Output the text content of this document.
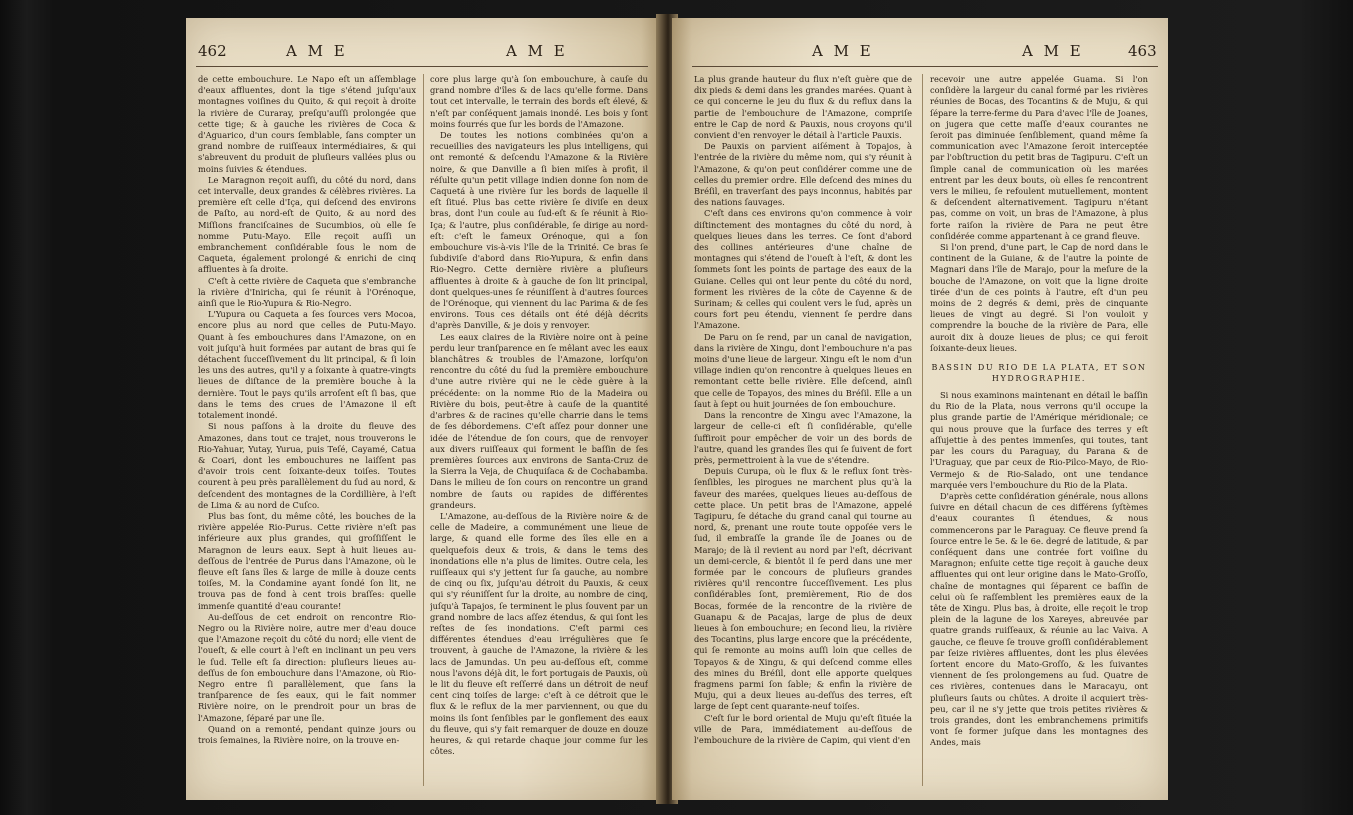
462	A M E	A M E

de cette embouchure. Le Napo eſt un aſſemblage d'eaux affluentes, dont la tige s'étend juſqu'aux montagnes voiſines du Quito, & qui reçoit à droite la rivière de Curaray, preſqu'auſſi prolongée que cette tige; & à gauche les rivières de Coca & d'Aguarico, d'un cours ſemblable, ſans compter un grand nombre de ruiſſeaux intermédiaires, & qui s'abreuvent du produit de pluſieurs vallées plus ou moins ſuivies & étendues.

Le Maragnon reçoit auſſi, du côté du nord, dans cet intervalle, deux grandes & célèbres rivières. La première eſt celle d'Iça, qui deſcend des environs de Paſto, au nord-eſt de Quito, & au nord des Miſſions franciſcaines de Sucumbios, où elle ſe nomme Putu-Mayo. Elle reçoit auſſi un embranchement conſidérable ſous le nom de Caqueta, également prolongé & enrichi de cinq affluentes à ſa droite.

C'eſt à cette rivière de Caqueta que s'embranche la rivière d'Iniricha, qui ſe réunit à l'Orénoque, ainſi que le Rio-Yupura & Rio-Negro.

L'Yupura ou Caqueta a ſes ſources vers Mocoa, encore plus au nord que celles de Putu-Mayo. Quant à ſes embouchures dans l'Amazone, on en voit juſqu'à huit formées par autant de bras qui ſe détachent ſucceſſivement du lit principal, & ſi loin les uns des autres, qu'il y a ſoixante à quatre-vingts lieues de diſtance de la première bouche à la dernière. Tout le pays qu'ils arroſent eſt ſi bas, que dans le tems des crues de l'Amazone il eſt totalement inondé.

Si nous paſſons à la droite du fleuve des Amazones, dans tout ce trajet, nous trouverons le Rio-Yahuar, Yutay, Yurua, puis Teſé, Cayamé, Catua & Coari, dont les embouchures ne laiſſent pas d'avoir trois cent ſoixante-deux toiſes. Toutes courent à peu près parallèlement du ſud au nord, & deſcendent des montagnes de la Cordillière, à l'eſt de Lima & au nord de Cuſco.

Plus bas ſont, du même côté, les bouches de la rivière appelée Rio-Purus. Cette rivière n'eſt pas inférieure aux plus grandes, qui groſſiſſent le Maragnon de leurs eaux. Sept à huit lieues au-deſſous de l'entrée de Purus dans l'Amazone, où le fleuve eſt ſans îles & large de mille à douze cents toiſes, M. la Condamine ayant ſondé ſon lit, ne trouva pas de fond à cent trois braſſes: quelle immenſe quantité d'eau courante!

Au-deſſous de cet endroit on rencontre Rio-Negro ou la Rivière noire, autre mer d'eau douce que l'Amazone reçoit du côté du nord; elle vient de l'oueſt, & elle court à l'eſt en inclinant un peu vers le ſud. Telle eſt ſa direction: pluſieurs lieues au-deſſus de ſon embouchure dans l'Amazone, où Rio-Negro entre ſi parallèlement, que ſans la tranſparence de ſes eaux, qui le fait nommer Rivière noire, on le prendroit pour un bras de l'Amazone, ſéparé par une île.

Quand on a remonté, pendant quinze jours ou trois ſemaines, la Rivière noire, on la trouve en-

core plus large qu'à ſon embouchure, à cauſe du grand nombre d'îles & de lacs qu'elle forme. Dans tout cet intervalle, le terrain des bords eſt élevé, & n'eſt par conſéquent jamais inondé. Les bois y ſont moins fourrés que ſur les bords de l'Amazone.

De toutes les notions combinées qu'on a recueillies des navigateurs les plus intelligens, qui ont remonté & deſcendu l'Amazone & la Rivière noire, & que Danville a ſi bien miſes à profit, il réſulte qu'un petit village indien donne ſon nom de Caquetá à une rivière ſur les bords de laquelle il eſt ſitué. Plus bas cette rivière ſe diviſe en deux bras, dont l'un coule au ſud-eſt & ſe réunit à Rio-Iça; & l'autre, plus conſidérable, ſe dirige au nord-eſt: c'eſt le fameux Orénoque, qui a ſon embouchure vis-à-vis l'île de la Trinité. Ce bras ſe ſubdiviſe d'abord dans Rio-Yupura, & enfin dans Rio-Negro. Cette dernière rivière a pluſieurs affluentes à droite & à gauche de ſon lit principal, dont quelques-unes ſe réuniſſent à d'autres ſources de l'Orénoque, qui viennent du lac Parima & de ſes environs. Tous ces détails ont été déjà décrits d'après Danville, & je dois y renvoyer.

Les eaux claires de la Rivière noire ont à peine perdu leur tranſparence en ſe mêlant avec les eaux blanchâtres & troubles de l'Amazone, lorſqu'on rencontre du côté du ſud la première embouchure d'une autre rivière qui ne le cède guère à la précédente: on la nomme Rio de la Madeira ou Rivière du bois, peut-être à cauſe de la quantité d'arbres & de racines qu'elle charrie dans le tems de ſes débordemens. C'eſt aſſez pour donner une idée de l'étendue de ſon cours, que de renvoyer aux divers ruiſſeaux qui forment le baſſin de ſes premières ſources aux environs de Santa-Cruz de la Sierra la Veja, de Chuquiſaca & de Cochabamba. Dans le milieu de ſon cours on rencontre un grand nombre de ſauts ou rapides de différentes grandeurs.

L'Amazone, au-deſſous de la Rivière noire & de celle de Madeire, a communément une lieue de large, & quand elle forme des îles elle en a quelquefois deux & trois, & dans le tems des inondations elle n'a plus de limites. Outre cela, les ruiſſeaux qui s'y jettent ſur ſa gauche, au nombre de cinq ou ſix, juſqu'au détroit du Pauxis, & ceux qui s'y réuniſſent ſur la droite, au nombre de cinq, juſqu'à Tapajos, ſe terminent le plus ſouvent par un grand nombre de lacs aſſez étendus, & qui ſont les reſtes de ſes inondations. C'eſt parmi ces différentes étendues d'eau irrégulières que ſe trouvent, à gauche de l'Amazone, la rivière & les lacs de Jamundas. Un peu au-deſſous eſt, comme nous l'avons déjà dit, le fort portugais de Pauxis, où le lit du fleuve eſt reſſerré dans un détroit de neuf cent cinq toiſes de large: c'eſt à ce détroit que le flux & le reflux de la mer parviennent, ou que du moins ils ſont ſenſibles par le gonflement des eaux du fleuve, qui s'y fait remarquer de douze en douze heures, & qui retarde chaque jour comme ſur les côtes.

A M E	A M E	463

La plus grande hauteur du flux n'eſt guère que de dix pieds & demi dans les grandes marées. Quant à ce qui concerne le jeu du flux & du reflux dans la partie de l'embouchure de l'Amazone, compriſe entre le Cap de nord & Pauxis, nous croyons qu'il convient d'en renvoyer le détail à l'article Pauxis.

De Pauxis on parvient aiſément à Topajos, à l'entrée de la rivière du même nom, qui s'y réunit à l'Amazone, & qu'on peut conſidérer comme une de celles du premier ordre. Elle deſcend des mines du Bréſil, en traverſant des pays inconnus, habités par des nations ſauvages.

C'eſt dans ces environs qu'on commence à voir diſtinctement des montagnes du côté du nord, à quelques lieues dans les terres. Ce ſont d'abord des collines antérieures d'une chaîne de montagnes qui s'étend de l'oueſt à l'eſt, & dont les ſommets ſont les points de partage des eaux de la Guiane. Celles qui ont leur pente du côté du nord, forment les rivières de la côte de Cayenne & de Surinam; & celles qui coulent vers le ſud, après un cours fort peu étendu, viennent ſe perdre dans l'Amazone.

De Paru on ſe rend, par un canal de navigation, dans la rivière de Xingu, dont l'embouchure n'a pas moins d'une lieue de largeur. Xingu eſt le nom d'un village indien qu'on rencontre à quelques lieues en remontant cette belle rivière. Elle deſcend, ainſi que celle de Topayos, des mines du Bréſil. Elle a un ſaut à ſept ou huit journées de ſon embouchure.

Dans la rencontre de Xingu avec l'Amazone, la largeur de celle-ci eſt ſi conſidérable, qu'elle ſuffiroit pour empêcher de voir un des bords de l'autre, quand les grandes îles qui ſe ſuivent de fort près, permettroient à la vue de s'étendre.

Depuis Curupa, où le flux & le reflux ſont très-ſenſibles, les pirogues ne marchent plus qu'à la faveur des marées, quelques lieues au-deſſous de cette place. Un petit bras de l'Amazone, appelé Tagipuru, ſe détache du grand canal qui tourne au nord, &, prenant une route toute oppoſée vers le ſud, il embraſſe la grande île de Joanes ou de Marajo; de là il revient au nord par l'eſt, décrivant un demi-cercle, & bientôt il ſe perd dans une mer formée par le concours de pluſieurs grandes rivières qu'il rencontre ſucceſſivement. Les plus conſidérables ſont, premièrement, Rio de dos Bocas, formée de la rencontre de la rivière de Guanapu & de Pacajas, large de plus de deux lieues à ſon embouchure; en ſecond lieu, la rivière des Tocantins, plus large encore que la précédente, qui ſe remonte au moins auſſi loin que celles de Topayos & de Xingu, & qui deſcend comme elles des mines du Bréſil, dont elle apporte quelques fragmens parmi ſon ſable; & enfin la rivière de Muju, qui a deux lieues au-deſſus des terres, eſt large de ſept cent quarante-neuf toiſes.

C'eſt ſur le bord oriental de Muju qu'eſt ſituée la ville de Para, immédiatement au-deſſous de l'embouchure de la rivière de Capim, qui vient d'en

recevoir une autre appelée Guama. Si l'on conſidère la largeur du canal formé par les rivières réunies de Bocas, des Tocantins & de Muju, & qui ſépare la terre-ferme du Para d'avec l'île de Joanes, on jugera que cette maſſe d'eaux courantes ne ſeroit pas diminuée ſenſiblement, quand même ſa communication avec l'Amazone ſeroit interceptée par l'obſtruction du petit bras de Tagipuru. C'eſt un ſimple canal de communication où les marées entrent par les deux bouts, où elles ſe rencontrent vers le milieu, ſe refoulent mutuellement, montent & deſcendent alternativement. Tagipuru n'étant pas, comme on voit, un bras de l'Amazone, à plus forte raiſon la rivière de Para ne peut être conſidérée comme appartenant à ce grand fleuve.

Si l'on prend, d'une part, le Cap de nord dans le continent de la Guiane, & de l'autre la pointe de Magnari dans l'île de Marajo, pour la meſure de la bouche de l'Amazone, on voit que la ligne droite tirée d'un de ces points à l'autre, eſt d'un peu moins de 2 degrés & demi, près de cinquante lieues de vingt au degré. Si l'on vouloit y comprendre la bouche de la rivière de Para, elle auroit dix à douze lieues de plus; ce qui feroit ſoixante-deux lieues.

BASSIN DU RIO DE LA PLATA, ET SON HYDROGRAPHIE.

Si nous examinons maintenant en détail le baſſin du Rio de la Plata, nous verrons qu'il occupe la plus grande partie de l'Amérique méridionale; ce qui nous prouve que la ſurface des terres y eſt aſſujettie à des pentes immenſes, qui toutes, tant par les cours du Paraguay, du Parana & de l'Uraguay, que par ceux de Rio-Pilco-Mayo, de Rio-Vermejo & de Rio-Salado, ont une tendance marquée vers l'embouchure du Rio de la Plata.

D'après cette conſidération générale, nous allons ſuivre en détail chacun de ces différens ſyſtèmes d'eaux courantes ſi étendues, & nous commencerons par le Paraguay. Ce fleuve prend ſa ſource entre le 5e. & le 6e. degré de latitude, & par conſéquent dans une contrée fort voiſine du Maragnon; enſuite cette tige reçoit à gauche deux affluentes qui ont leur origine dans le Mato-Groſſo, chaîne de montagnes qui ſéparent ce baſſin de celui où ſe raſſemblent les premières eaux de la tête de Xingu. Plus bas, à droite, elle reçoit le trop plein de la lagune de los Xareyes, abreuvée par quatre grands ruiſſeaux, & réunie au lac Vaiva. A gauche, ce fleuve ſe trouve groſſi conſidérablement par ſeize rivières affluentes, dont les plus élevées ſortent encore du Mato-Groſſo, & les ſuivantes viennent de ſes prolongemens au ſud. Quatre de ces rivières, contenues dans le Maracayu, ont pluſieurs ſauts ou chûtes. A droite il acquiert très-peu, car il ne s'y jette que trois petites rivières & trois grandes, dont les embranchemens primitifs vont ſe former juſque dans les montagnes des Andes, mais
